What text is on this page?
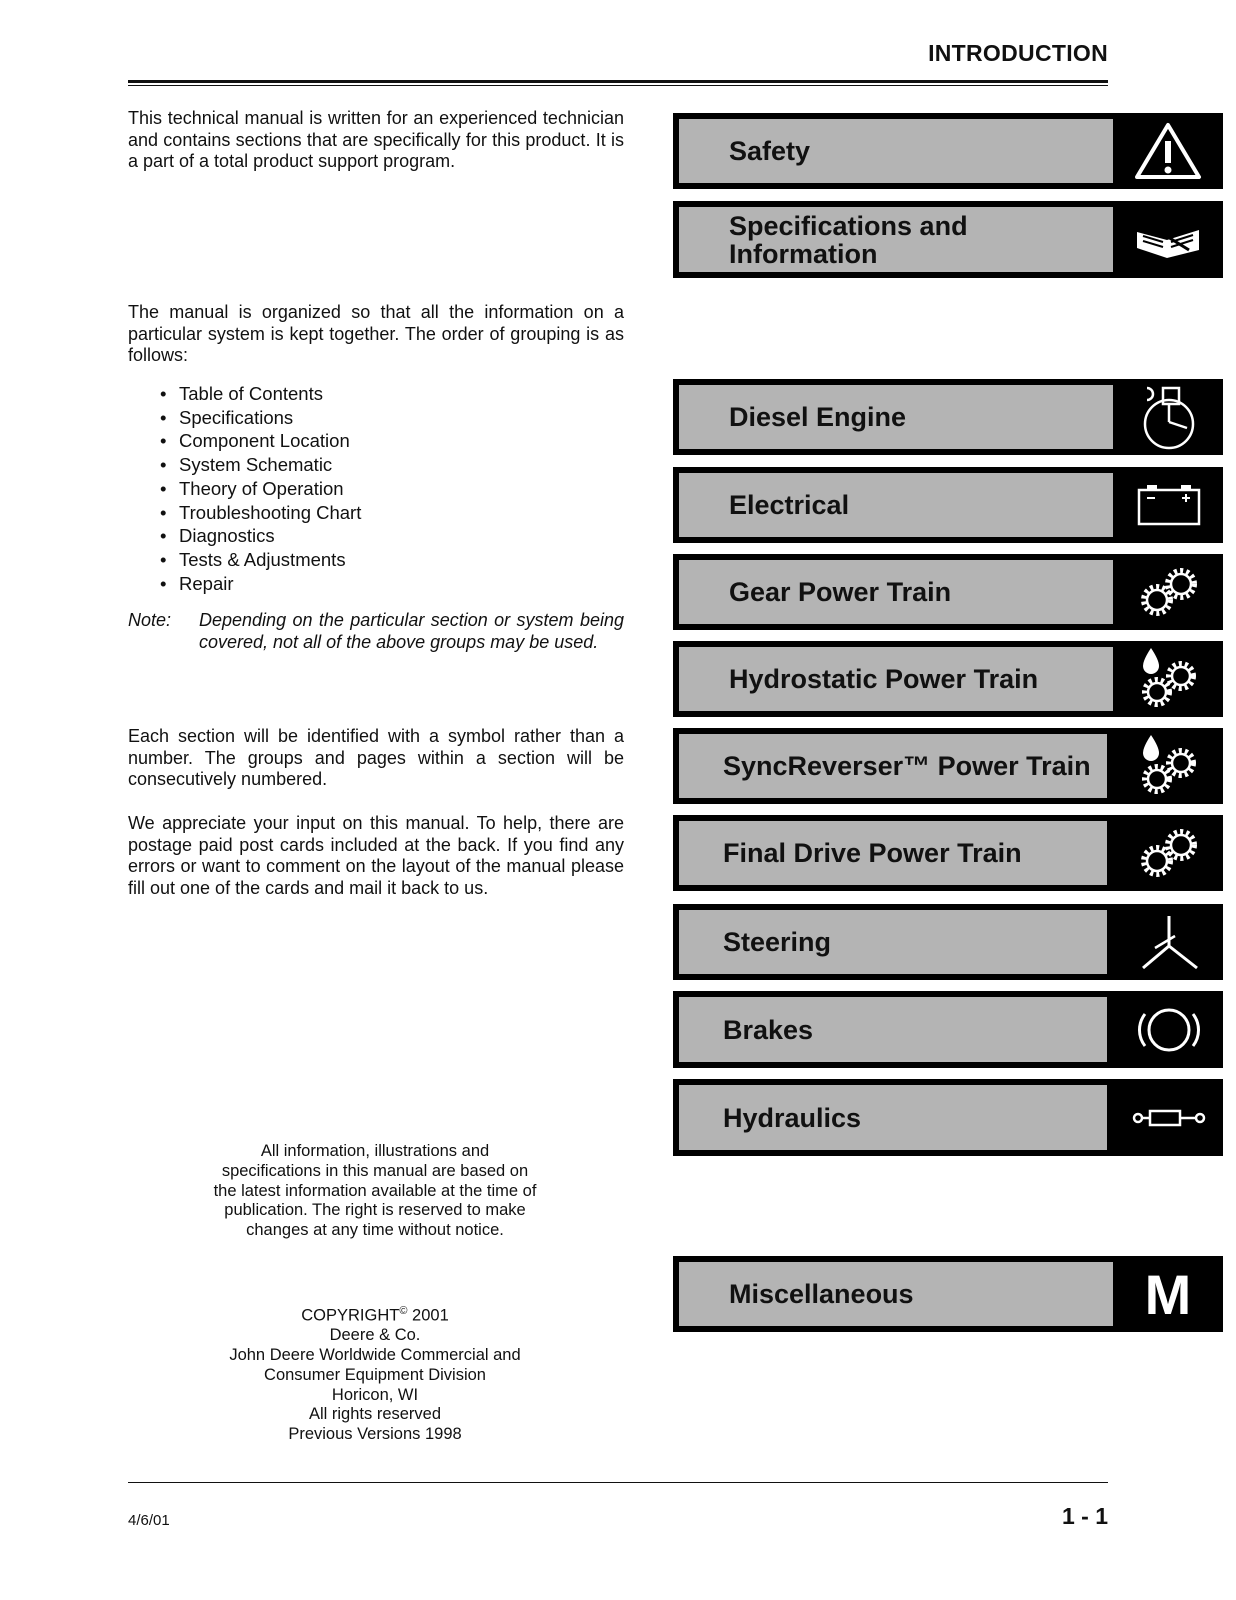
INTRODUCTION

This technical manual is written for an experienced technician and contains sections that are specifically for this product. It is a part of a total product support program.

The manual is organized so that all the information on a particular system is kept together. The order of grouping is as follows:

• Table of Contents
• Specifications
• Component Location
• System Schematic
• Theory of Operation
• Troubleshooting Chart
• Diagnostics
• Tests & Adjustments
• Repair
Note: Depending on the particular section or system being covered, not all of the above groups may be used.

Each section will be identified with a symbol rather than a number. The groups and pages within a section will be consecutively numbered.

We appreciate your input on this manual. To help, there are postage paid post cards included at the back. If you find any errors or want to comment on the layout of the manual please fill out one of the cards and mail it back to us.

All information, illustrations and
specifications in this manual are based on
the latest information available at the time of
publication. The right is reserved to make
changes at any time without notice.
COPYRIGHT© 2001
Deere & Co.
John Deere Worldwide Commercial and
Consumer Equipment Division
Horicon, WI
All rights reserved
Previous Versions 1998
4/6/01	1 - 1
Safety
Specifications and
Information
Diesel Engine
Electrical
Gear Power Train
Hydrostatic Power Train
SyncReverser™ Power Train
Final Drive Power Train
Steering
Brakes
Hydraulics
Miscellaneous	M
